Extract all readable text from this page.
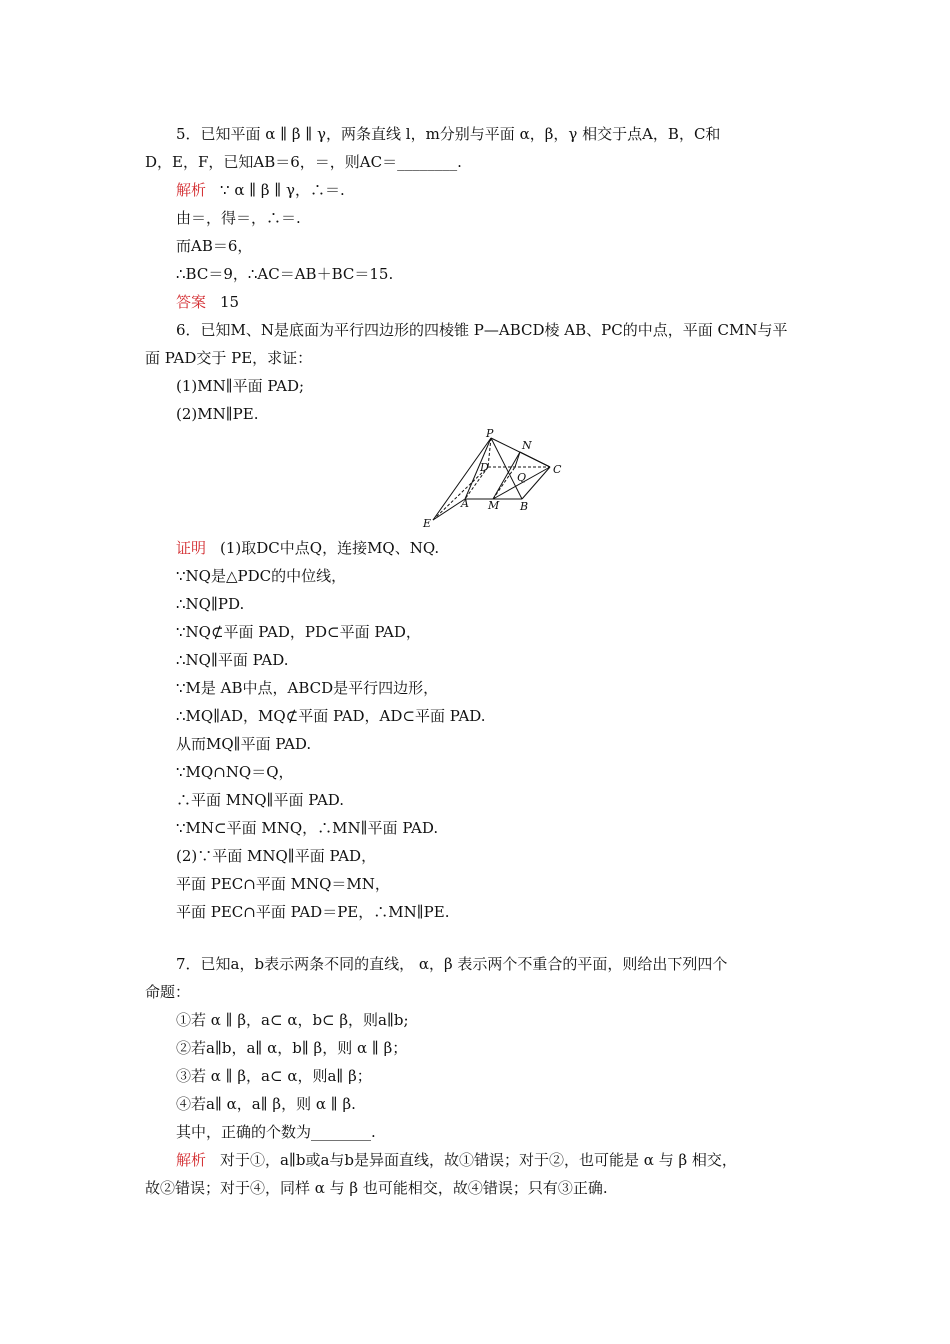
5．已知平面 α ∥ β ∥ γ，两条直线 l，m分别与平面 α，β，γ 相交于点A，B，C和
D，E，F，已知AB＝6，＝，则AC＝________.
解析 ∵ α ∥ β ∥ γ，∴＝.
由＝，得＝，∴＝.
而AB＝6，
∴BC＝9，∴AC＝AB＋BC＝15.
答案 15
6．已知M、N是底面为平行四边形的四棱锥 P—ABCD棱 AB、PC的中点，平面 CMN与平
面 PAD交于 PE，求证：
(1)MN∥平面 PAD;
(2)MN∥PE.
P
N
D	C
Q
A M B
E
证明 (1)取DC中点Q，连接MQ、NQ.
∵NQ是△PDC的中位线，
∴NQ∥PD.
∵NQ⊄平面 PAD，PD⊂平面 PAD，
∴NQ∥平面 PAD.
∵M是 AB中点，ABCD是平行四边形，
∴MQ∥AD，MQ⊄平面 PAD，AD⊂平面 PAD.
从而MQ∥平面 PAD.
∵MQ∩NQ＝Q，
∴平面 MNQ∥平面 PAD.
∵MN⊂平面 MNQ，∴MN∥平面 PAD.
(2)∵平面 MNQ∥平面 PAD，
平面 PEC∩平面 MNQ＝MN，
平面 PEC∩平面 PAD＝PE，∴MN∥PE.
7．已知a，b表示两条不同的直线， α，β 表示两个不重合的平面，则给出下列四个
命题：
①若 α ∥ β，a⊂ α，b⊂ β，则a∥b;
②若a∥b，a∥ α，b∥ β，则 α ∥ β；
③若 α ∥ β，a⊂ α，则a∥ β；
④若a∥ α，a∥ β，则 α ∥ β.
其中，正确的个数为________.
解析 对于①，a∥b或a与b是异面直线，故①错误；对于②，也可能是 α 与 β 相交，
故②错误；对于④，同样 α 与 β 也可能相交，故④错误；只有③正确.
